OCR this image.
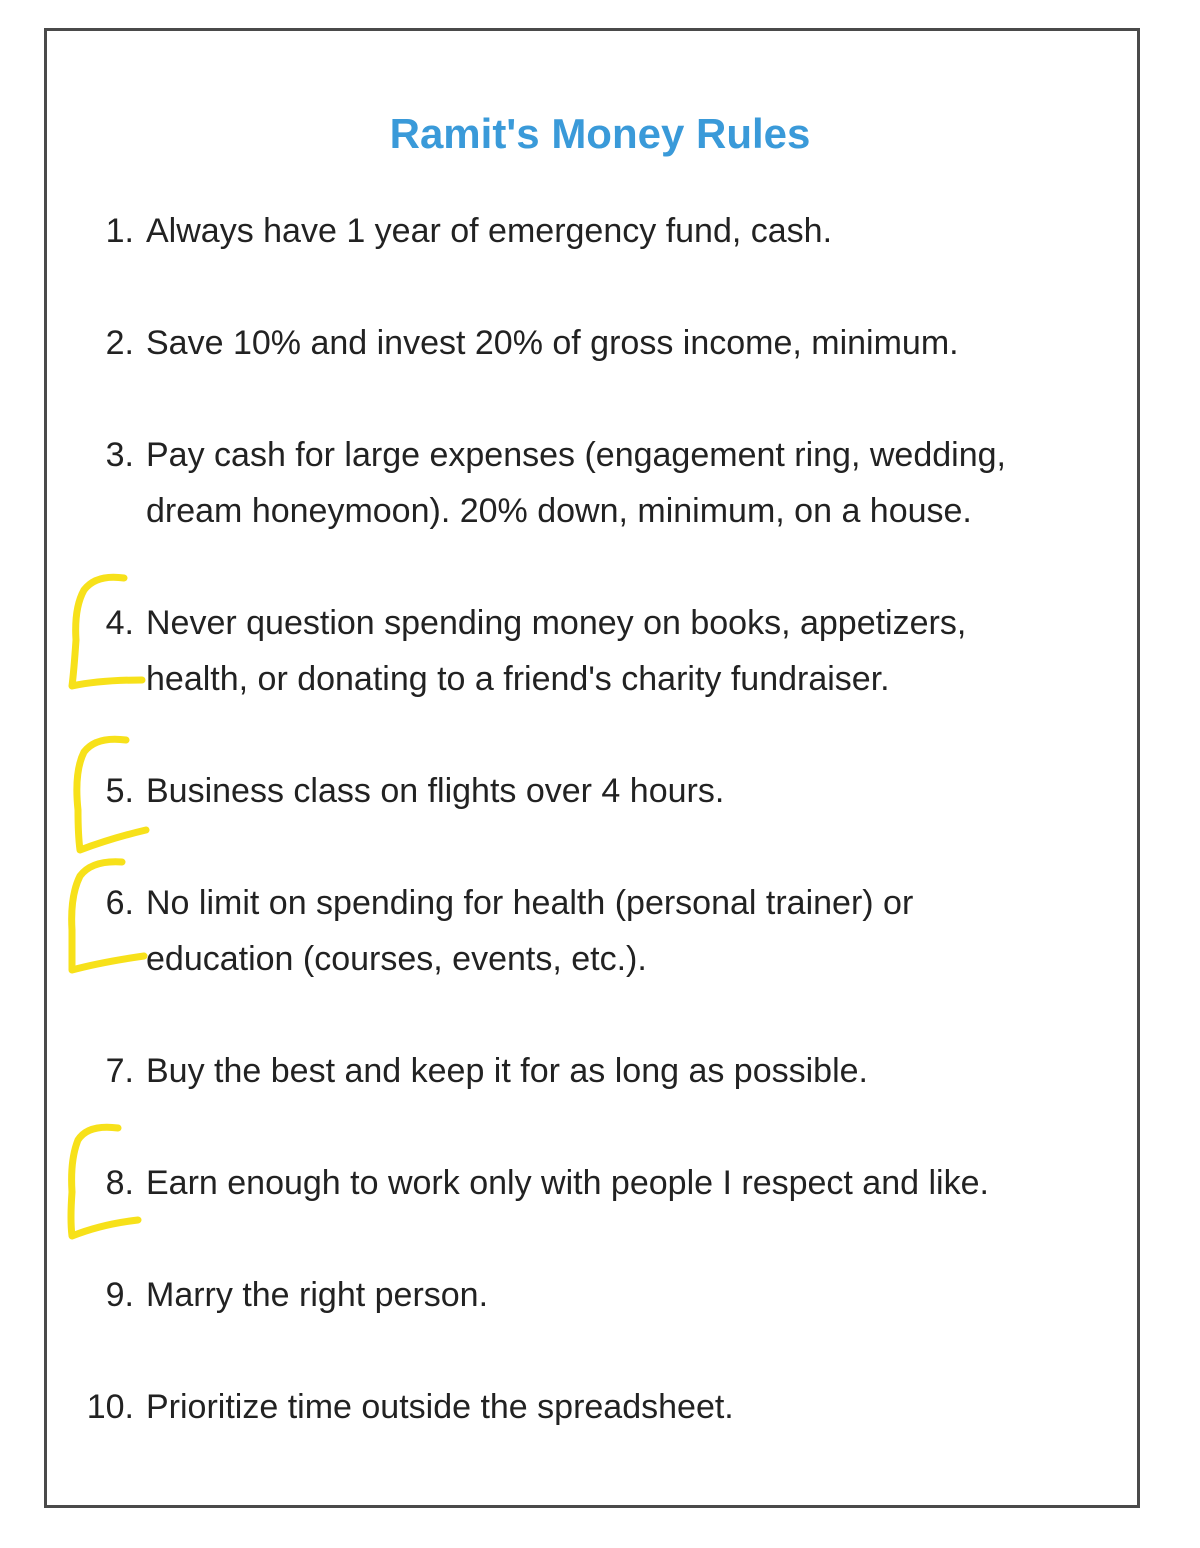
Ramit's Money Rules
1. Always have 1 year of emergency fund, cash.
2. Save 10% and invest 20% of gross income, minimum.
3. Pay cash for large expenses (engagement ring, wedding,
dream honeymoon). 20% down, minimum, on a house.
4. Never question spending money on books, appetizers,
health, or donating to a friend's charity fundraiser.
5. Business class on flights over 4 hours.
6. No limit on spending for health (personal trainer) or
education (courses, events, etc.).
7. Buy the best and keep it for as long as possible.
8. Earn enough to work only with people I respect and like.
9. Marry the right person.
10. Prioritize time outside the spreadsheet.
